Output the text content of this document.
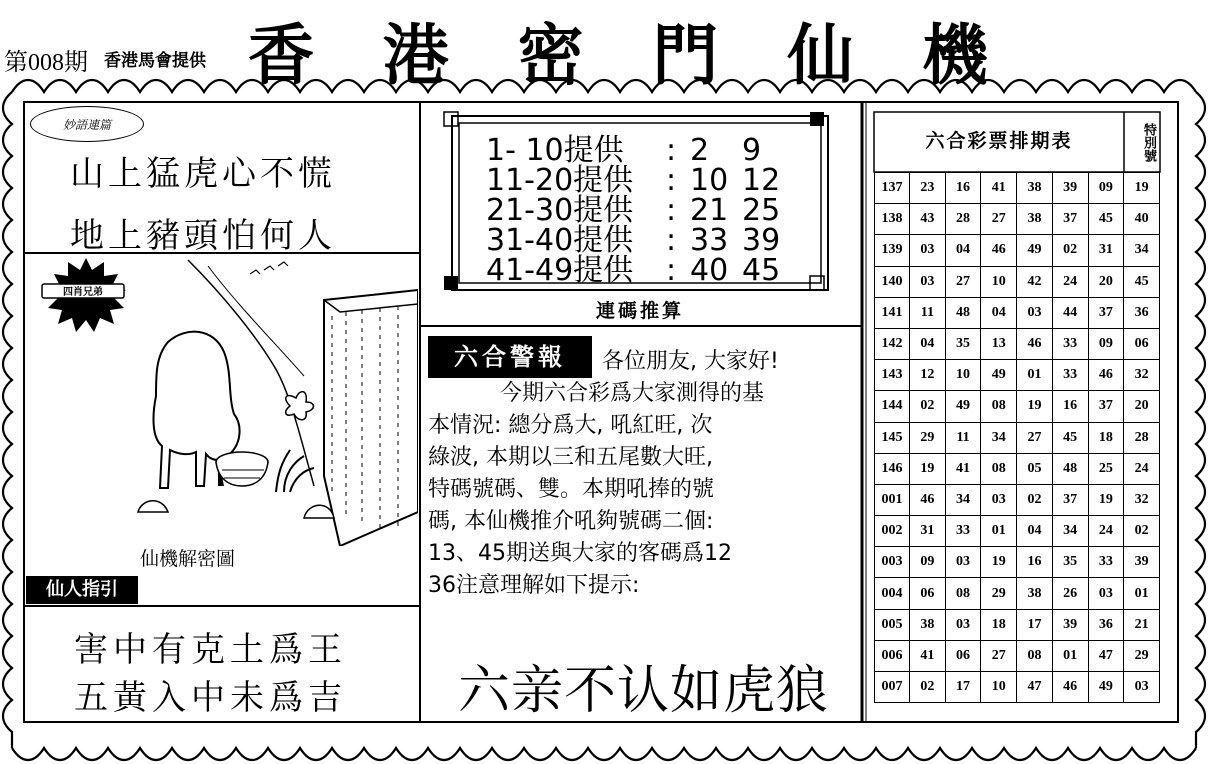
第008期 香港馬會提供 香 港 密 門 仙 機
妙語連篇
山上猛虎心不慌
地上豬頭怕何人
四肖兄弟
仙機解密圖
仙人指引
害中有克土爲王
五黃入中未爲吉
1- 10提供 : 2 9
11-20提供 : 10 12
21-30提供 : 21 25
31-40提供 : 33 39
41-49提供 : 40 45
連碼推算
六合警報	各位朋友, 大家好!
今期六合彩爲大家測得的基
本情況: 總分爲大, 吼紅旺, 次
綠波, 本期以三和五尾數大旺,
特碼號碼、雙。本期吼捧的號
碼, 本仙機推介吼夠號碼二個:
13、45期送與大家的客碼爲12
36注意理解如下提示:
六亲不认如虎狼
六合彩票排期表	特別號
137	23	16	41	38	39	09	19
138	43	28	27	38	37	45	40
139	03	04	46	49	02	31	34
140	03	27	10	42	24	20	45
141	11	48	04	03	44	37	36
142	04	35	13	46	33	09	06
143	12	10	49	01	33	46	32
144	02	49	08	19	16	37	20
145	29	11	34	27	45	18	28
146	19	41	08	05	48	25	24
001	46	34	03	02	37	19	32
002	31	33	01	04	34	24	02
003	09	03	19	16	35	33	39
004	06	08	29	38	26	03	01
005	38	03	18	17	39	36	21
006	41	06	27	08	01	47	29
007	02	17	10	47	46	49	03
